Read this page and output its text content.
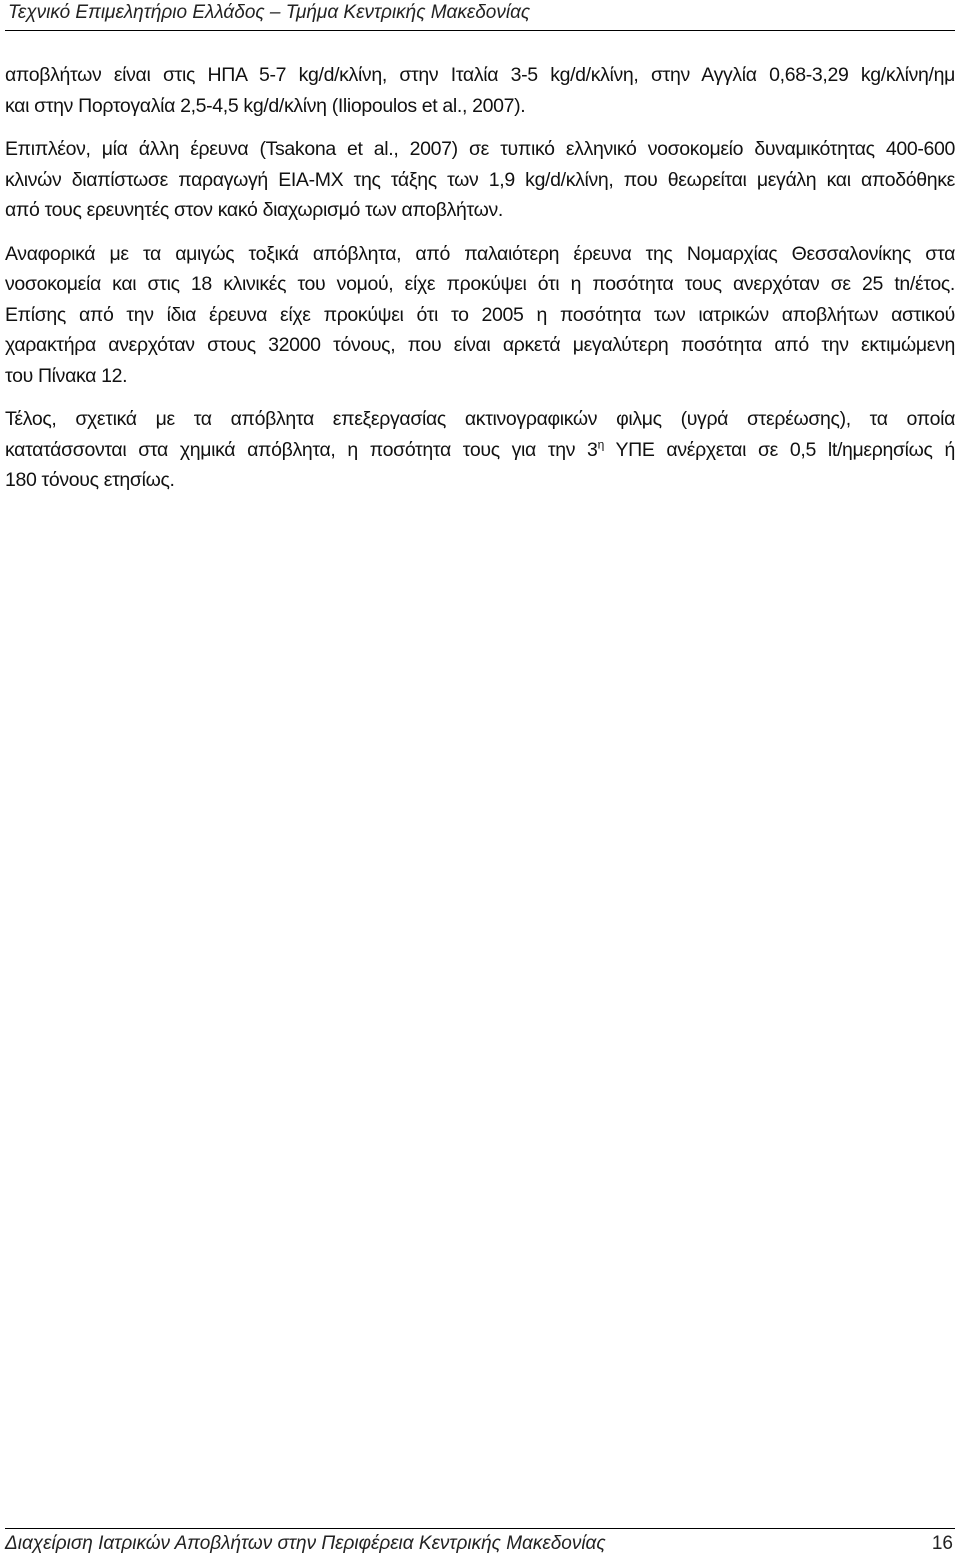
Τεχνικό Επιμελητήριο Ελλάδος – Τμήμα Κεντρικής Μακεδονίας

αποβλήτων είναι στις ΗΠΑ 5-7 kg/d/κλίνη, στην Ιταλία 3-5 kg/d/κλίνη, στην Αγγλία 0,68-3,29 kg/κλίνη/ημ
και στην Πορτογαλία 2,5-4,5 kg/d/κλίνη (Iliopoulos et al., 2007).

Επιπλέον, μία άλλη έρευνα (Tsakona et al., 2007) σε τυπικό ελληνικό νοσοκομείο δυναμικότητας 400-600
κλινών διαπίστωσε παραγωγή ΕΙΑ-ΜΧ της τάξης των 1,9 kg/d/κλίνη, που θεωρείται μεγάλη και αποδόθηκε
από τους ερευνητές στον κακό διαχωρισμό των αποβλήτων.

Αναφορικά με τα αμιγώς τοξικά απόβλητα, από παλαιότερη έρευνα της Νομαρχίας Θεσσαλονίκης στα
νοσοκομεία και στις 18 κλινικές του νομού, είχε προκύψει ότι η ποσότητα τους ανερχόταν σε 25 tn/έτος.
Επίσης από την ίδια έρευνα είχε προκύψει ότι το 2005 η ποσότητα των ιατρικών αποβλήτων αστικού
χαρακτήρα ανερχόταν στους 32000 τόνους, που είναι αρκετά μεγαλύτερη ποσότητα από την εκτιμώμενη
του Πίνακα 12.

Τέλος, σχετικά με τα απόβλητα επεξεργασίας ακτινογραφικών φιλμς (υγρά στερέωσης), τα οποία
κατατάσσονται στα χημικά απόβλητα, η ποσότητα τους για την $3^\eta$ ΥΠΕ ανέρχεται σε 0,5 lt/ημερησίως ή
180 τόνους ετησίως.

Διαχείριση Ιατρικών Αποβλήτων στην Περιφέρεια Κεντρικής Μακεδονίας	16
